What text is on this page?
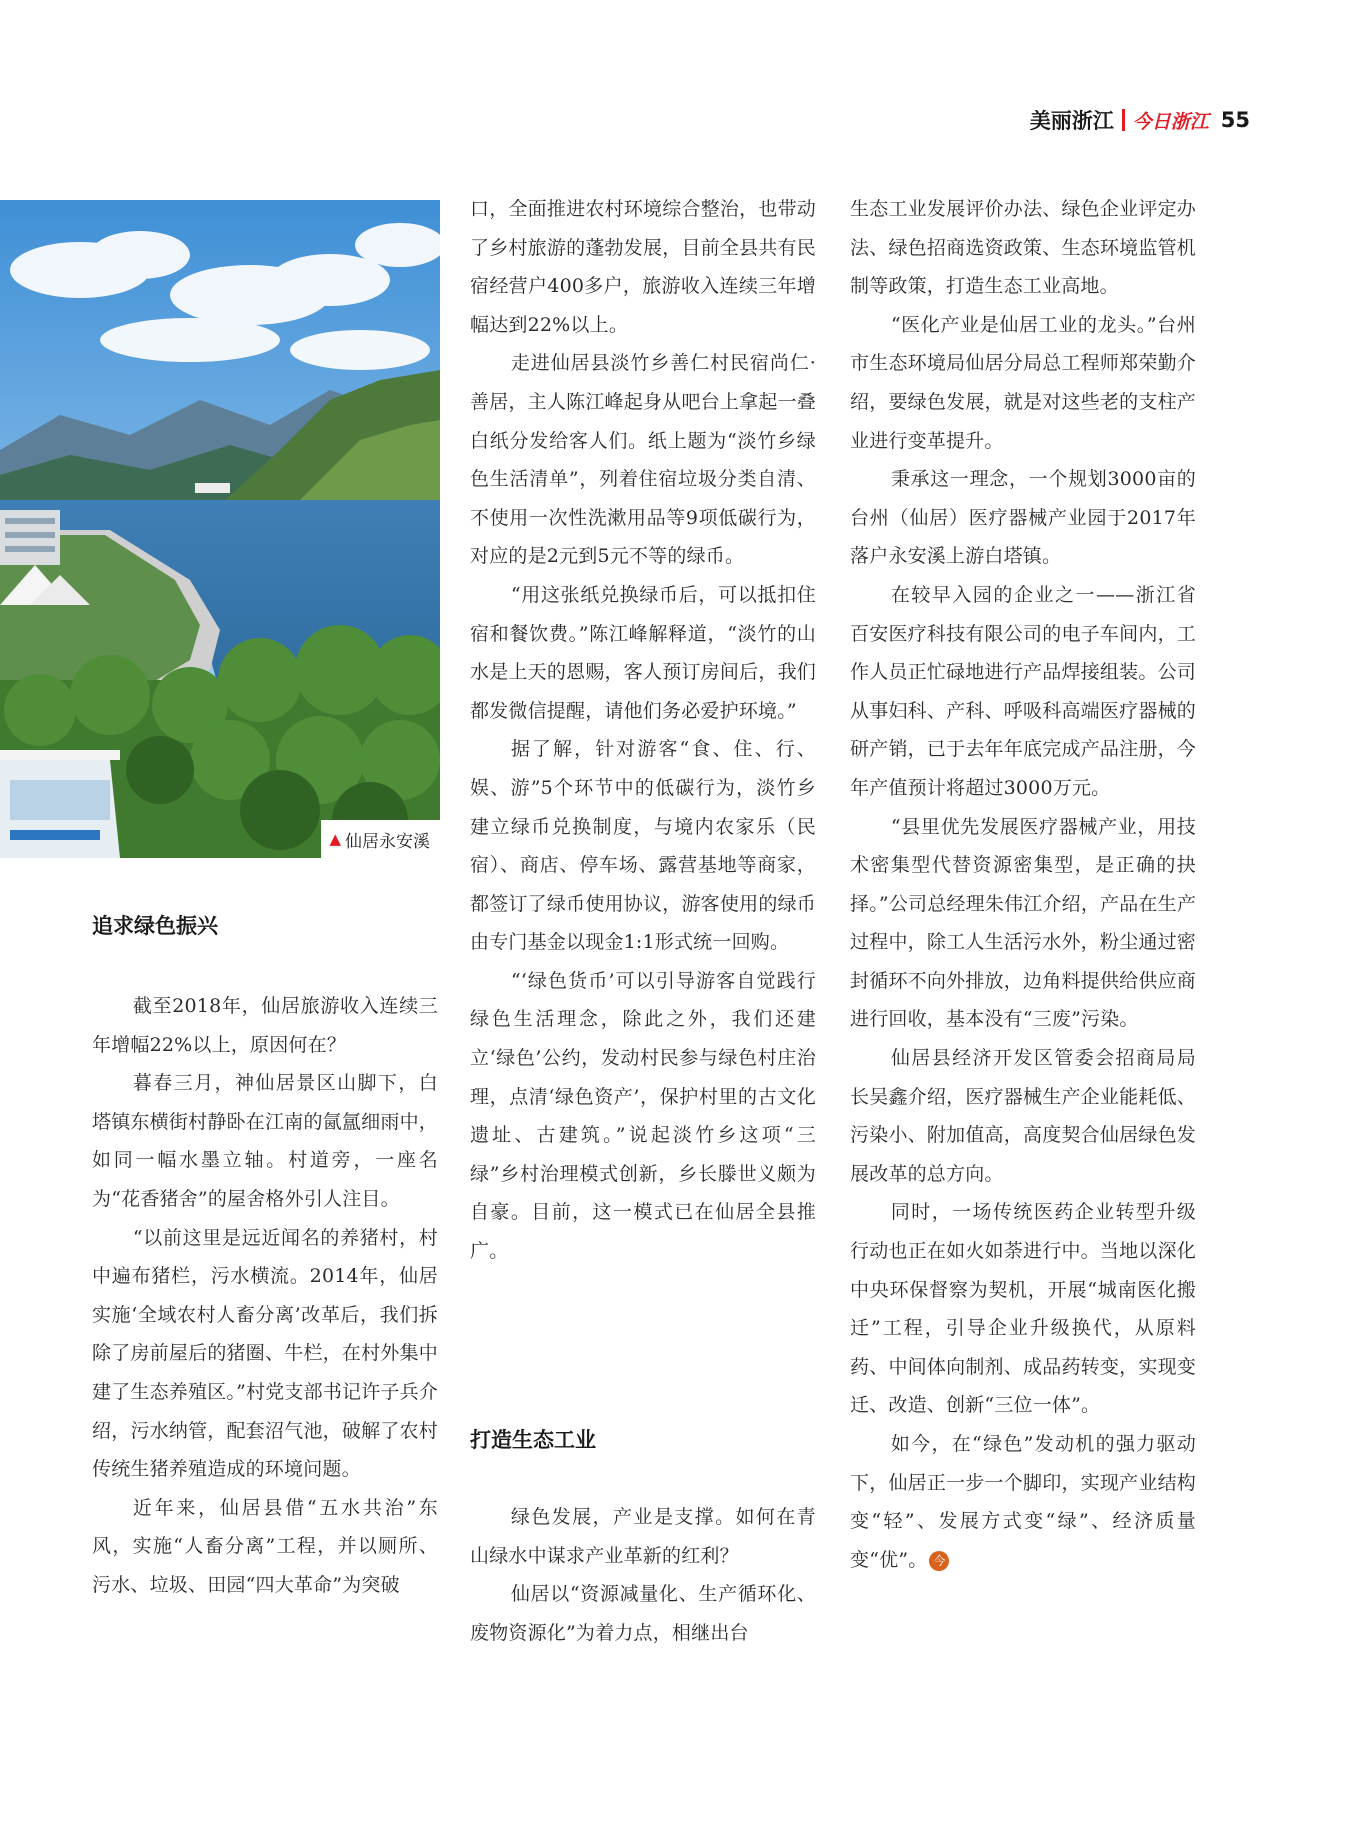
美丽浙江 今日浙江 55
▲ 仙居永安溪
追求绿色振兴

截至2018年，仙居旅游收入连续三年增幅22%以上，原因何在？

暮春三月，神仙居景区山脚下，白塔镇东横街村静卧在江南的氤氲细雨中，如同一幅水墨立轴。村道旁，一座名为“花香猪舍”的屋舍格外引人注目。

“以前这里是远近闻名的养猪村，村中遍布猪栏，污水横流。2014年，仙居实施‘全域农村人畜分离’改革后，我们拆除了房前屋后的猪圈、牛栏，在村外集中建了生态养殖区。”村党支部书记许子兵介绍，污水纳管，配套沼气池，破解了农村传统生猪养殖造成的环境问题。

近年来，仙居县借“五水共治”东风，实施“人畜分离”工程，并以厕所、污水、垃圾、田园“四大革命”为突破

口，全面推进农村环境综合整治，也带动了乡村旅游的蓬勃发展，目前全县共有民宿经营户400多户，旅游收入连续三年增幅达到22%以上。

走进仙居县淡竹乡善仁村民宿尚仁·善居，主人陈江峰起身从吧台上拿起一叠白纸分发给客人们。纸上题为“淡竹乡绿色生活清单”，列着住宿垃圾分类自清、不使用一次性洗漱用品等9项低碳行为，对应的是2元到5元不等的绿币。

“用这张纸兑换绿币后，可以抵扣住宿和餐饮费。”陈江峰解释道，“淡竹的山水是上天的恩赐，客人预订房间后，我们都发微信提醒，请他们务必爱护环境。”

据了解，针对游客“食、住、行、娱、游”5个环节中的低碳行为，淡竹乡建立绿币兑换制度，与境内农家乐（民宿）、商店、停车场、露营基地等商家，都签订了绿币使用协议，游客使用的绿币由专门基金以现金1:1形式统一回购。

“‘绿色货币’可以引导游客自觉践行绿色生活理念，除此之外，我们还建立‘绿色’公约，发动村民参与绿色村庄治理，点清‘绿色资产’，保护村里的古文化遗址、古建筑。”说起淡竹乡这项“三绿”乡村治理模式创新，乡长滕世义颇为自豪。目前，这一模式已在仙居全县推广。

打造生态工业

绿色发展，产业是支撑。如何在青山绿水中谋求产业革新的红利？

仙居以“资源减量化、生产循环化、废物资源化”为着力点，相继出台

生态工业发展评价办法、绿色企业评定办法、绿色招商选资政策、生态环境监管机制等政策，打造生态工业高地。

“医化产业是仙居工业的龙头。”台州市生态环境局仙居分局总工程师郑荣勤介绍，要绿色发展，就是对这些老的支柱产业进行变革提升。

秉承这一理念，一个规划3000亩的台州（仙居）医疗器械产业园于2017年落户永安溪上游白塔镇。

在较早入园的企业之一——浙江省百安医疗科技有限公司的电子车间内，工作人员正忙碌地进行产品焊接组装。公司从事妇科、产科、呼吸科高端医疗器械的研产销，已于去年年底完成产品注册，今年产值预计将超过3000万元。

“县里优先发展医疗器械产业，用技术密集型代替资源密集型，是正确的抉择。”公司总经理朱伟江介绍，产品在生产过程中，除工人生活污水外，粉尘通过密封循环不向外排放，边角料提供给供应商进行回收，基本没有“三废”污染。

仙居县经济开发区管委会招商局局长吴鑫介绍，医疗器械生产企业能耗低、污染小、附加值高，高度契合仙居绿色发展改革的总方向。

同时，一场传统医药企业转型升级行动也正在如火如荼进行中。当地以深化中央环保督察为契机，开展“城南医化搬迁”工程，引导企业升级换代，从原料药、中间体向制剂、成品药转变，实现变迁、改造、创新“三位一体”。

如今，在“绿色”发动机的强力驱动下，仙居正一步一个脚印，实现产业结构变“轻”、发展方式变“绿”、经济质量变“优”。 今
